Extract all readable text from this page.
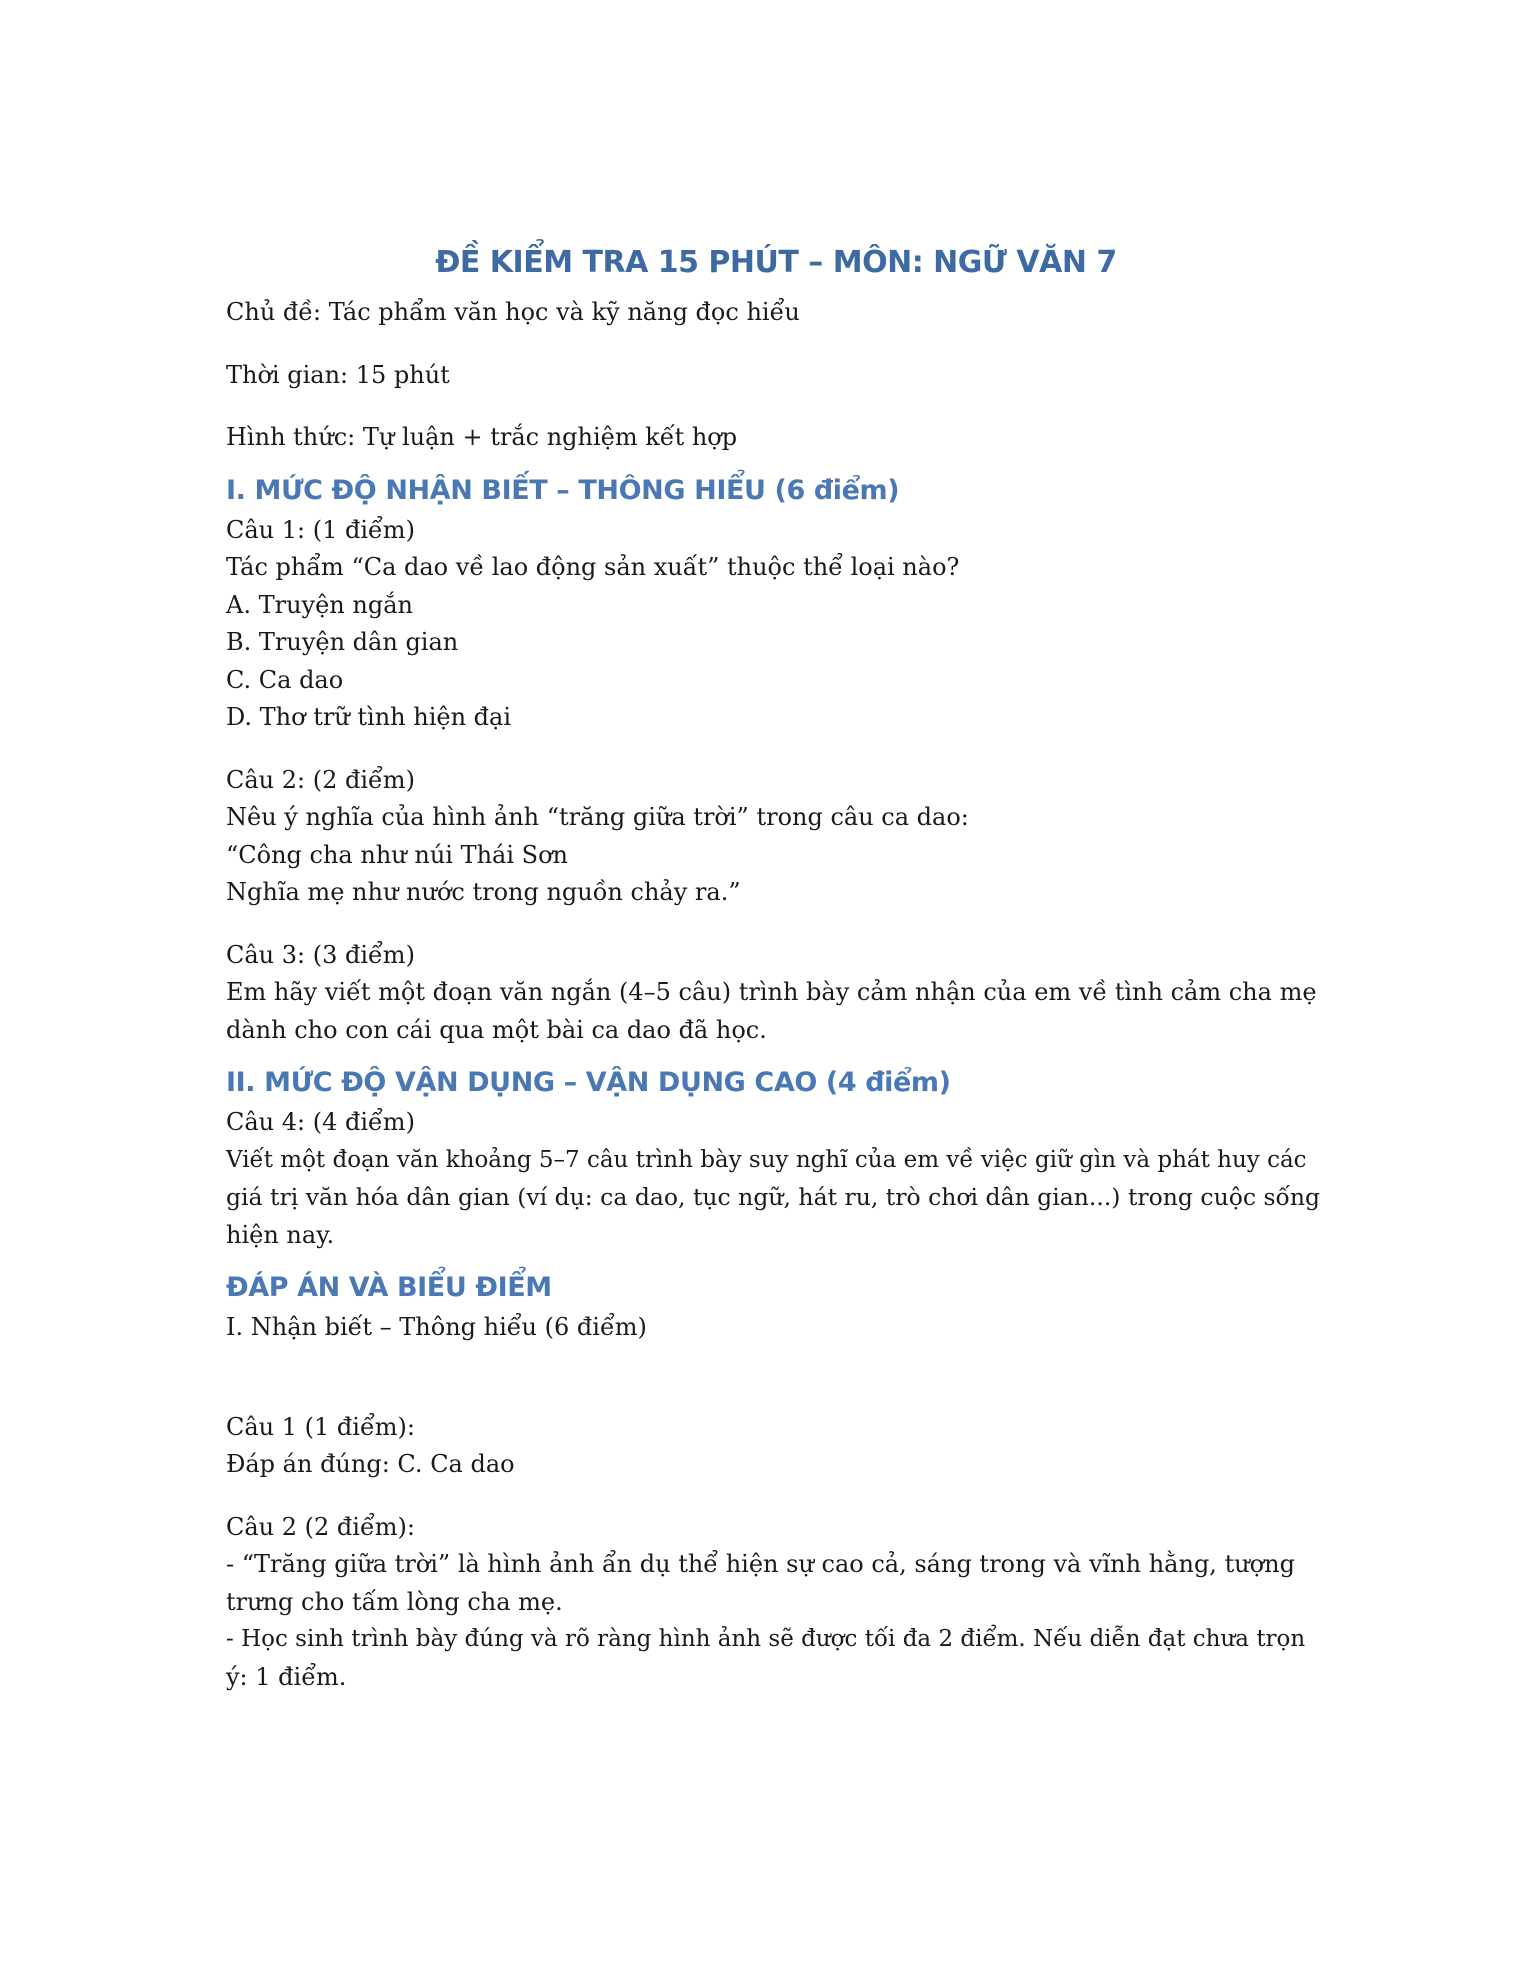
ĐỀ KIỂM TRA 15 PHÚT – MÔN: NGỮ VĂN 7

Chủ đề: Tác phẩm văn học và kỹ năng đọc hiểu

Thời gian: 15 phút

Hình thức: Tự luận + trắc nghiệm kết hợp

I. MỨC ĐỘ NHẬN BIẾT – THÔNG HIỂU (6 điểm)

Câu 1: (1 điểm)

Tác phẩm “Ca dao về lao động sản xuất” thuộc thể loại nào?

A. Truyện ngắn

B. Truyện dân gian

C. Ca dao

D. Thơ trữ tình hiện đại

Câu 2: (2 điểm)

Nêu ý nghĩa của hình ảnh “trăng giữa trời” trong câu ca dao:

“Công cha như núi Thái Sơn

Nghĩa mẹ như nước trong nguồn chảy ra.”

Câu 3: (3 điểm)

Em hãy viết một đoạn văn ngắn (4–5 câu) trình bày cảm nhận của em về tình cảm cha mẹ

dành cho con cái qua một bài ca dao đã học.

II. MỨC ĐỘ VẬN DỤNG – VẬN DỤNG CAO (4 điểm)

Câu 4: (4 điểm)

Viết một đoạn văn khoảng 5–7 câu trình bày suy nghĩ của em về việc giữ gìn và phát huy các

giá trị văn hóa dân gian (ví dụ: ca dao, tục ngữ, hát ru, trò chơi dân gian...) trong cuộc sống

hiện nay.

ĐÁP ÁN VÀ BIỂU ĐIỂM

I. Nhận biết – Thông hiểu (6 điểm)

Câu 1 (1 điểm):

Đáp án đúng: C. Ca dao

Câu 2 (2 điểm):

- “Trăng giữa trời” là hình ảnh ẩn dụ thể hiện sự cao cả, sáng trong và vĩnh hằng, tượng

trưng cho tấm lòng cha mẹ.

- Học sinh trình bày đúng và rõ ràng hình ảnh sẽ được tối đa 2 điểm. Nếu diễn đạt chưa trọn

ý: 1 điểm.
